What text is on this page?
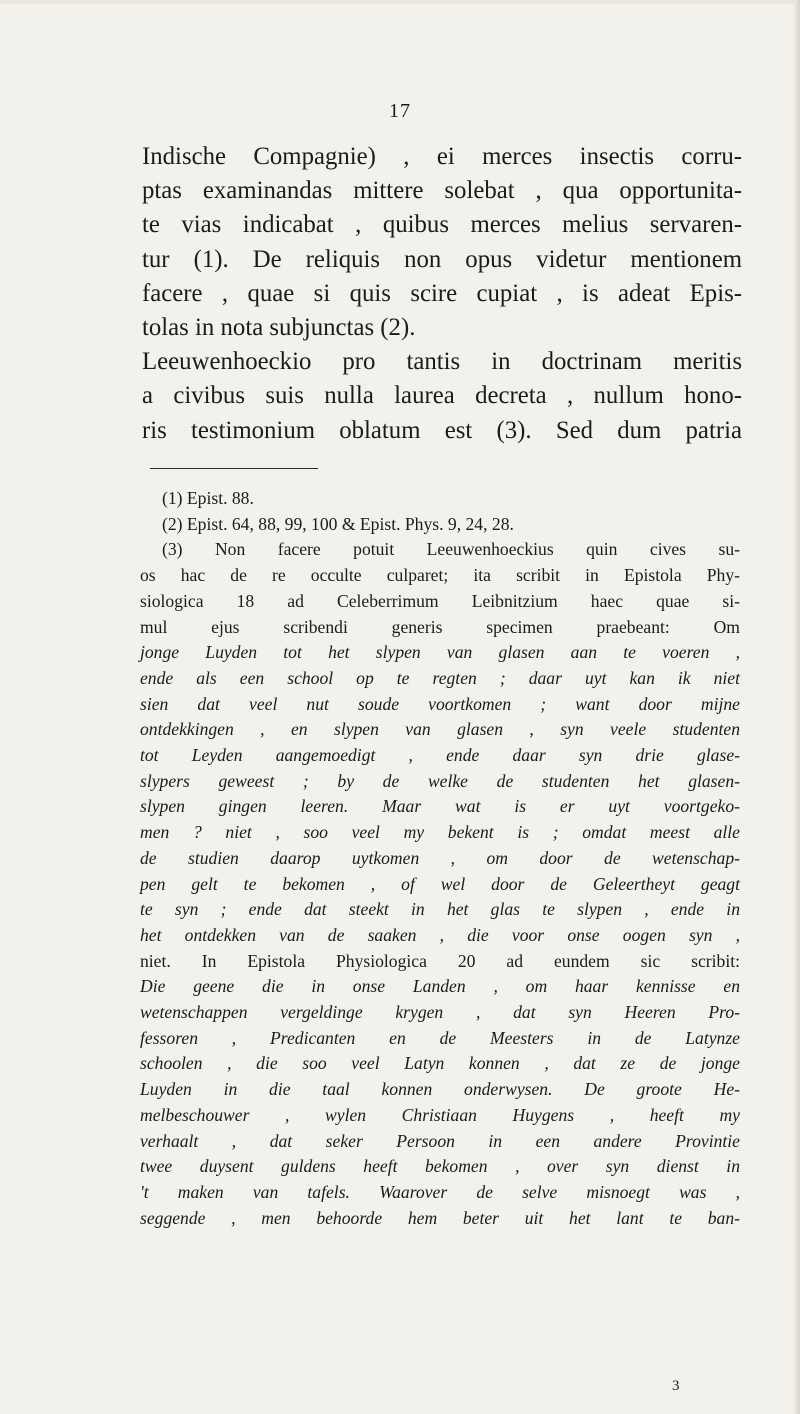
17
Indische Compagnie) , ei merces insectis corru-
ptas examinandas mittere solebat , qua opportunita-
te vias indicabat , quibus merces melius servaren-
tur (1). De reliquis non opus videtur mentionem
facere , quae si quis scire cupiat , is adeat Epis-
tolas in nota subjunctas (2).
Leeuwenhoeckio pro tantis in doctrinam meritis
a civibus suis nulla laurea decreta , nullum hono-
ris testimonium oblatum est (3). Sed dum patria
(1) Epist. 88.
(2) Epist. 64, 88, 99, 100 & Epist. Phys. 9, 24, 28.
(3) Non facere potuit Leeuwenhoeckius quin cives su-
os hac de re occulte culparet; ita scribit in Epistola Phy-
siologica 18 ad Celeberrimum Leibnitzium haec quae si-
mul ejus scribendi generis specimen praebeant: Om
jonge Luyden tot het slypen van glasen aan te voeren ,
ende als een school op te regten ; daar uyt kan ik niet
sien dat veel nut soude voortkomen ; want door mijne
ontdekkingen , en slypen van glasen , syn veele studenten
tot Leyden aangemoedigt , ende daar syn drie glase-
slypers geweest ; by de welke de studenten het glasen-
slypen gingen leeren. Maar wat is er uyt voortgeko-
men ? niet , soo veel my bekent is ; omdat meest alle
de studien daarop uytkomen , om door de wetenschap-
pen gelt te bekomen , of wel door de Geleertheyt geagt
te syn ; ende dat steekt in het glas te slypen , ende in
het ontdekken van de saaken , die voor onse oogen syn ,
niet. In Epistola Physiologica 20 ad eundem sic scribit:
Die geene die in onse Landen , om haar kennisse en
wetenschappen vergeldinge krygen , dat syn Heeren Pro-
fessoren , Predicanten en de Meesters in de Latynze
schoolen , die soo veel Latyn konnen , dat ze de jonge
Luyden in die taal konnen onderwysen. De groote He-
melbeschouwer , wylen Christiaan Huygens , heeft my
verhaalt , dat seker Persoon in een andere Provintie
twee duysent guldens heeft bekomen , over syn dienst in
't maken van tafels. Waarover de selve misnoegt was ,
seggende , men behoorde hem beter uit het lant te ban-
3
